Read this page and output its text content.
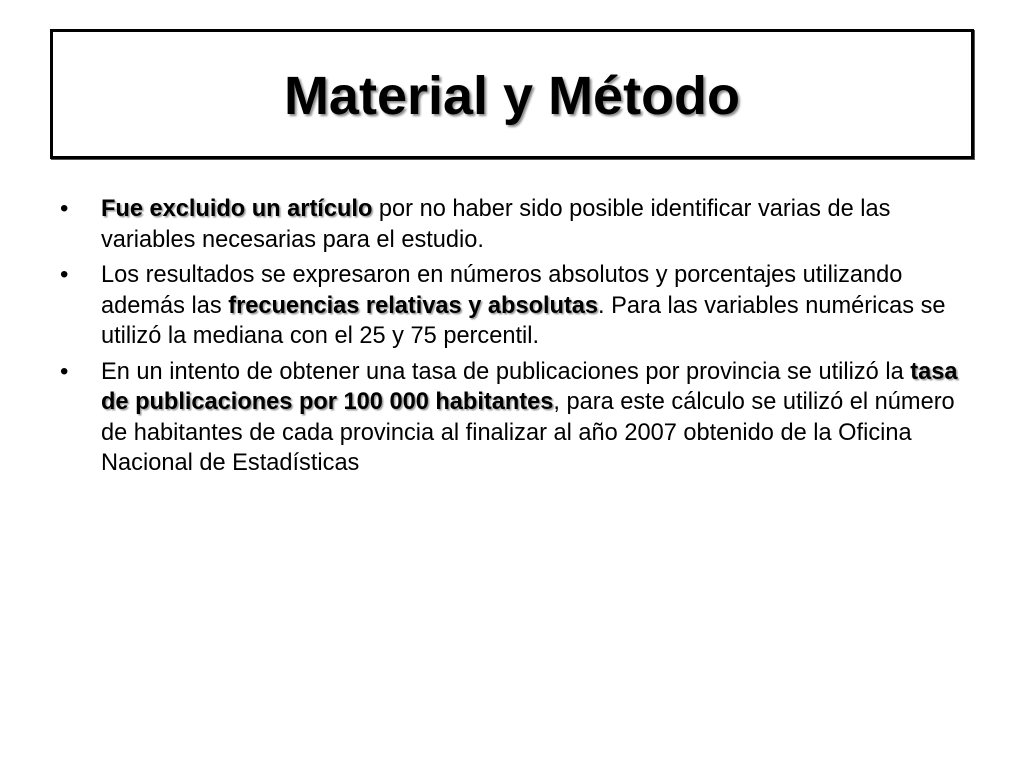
Material y Método
• Fue excluido un artículo por no haber sido posible identificar varias de las variables necesarias para el estudio.
• Los resultados se expresaron en números absolutos y porcentajes utilizando además las frecuencias relativas y absolutas. Para las variables numéricas se utilizó la mediana con el 25 y 75 percentil.
• En un intento de obtener una tasa de publicaciones por provincia se utilizó la tasa de publicaciones por 100 000 habitantes, para este cálculo se utilizó el número de habitantes de cada provincia al finalizar al año 2007 obtenido de la Oficina Nacional de Estadísticas
